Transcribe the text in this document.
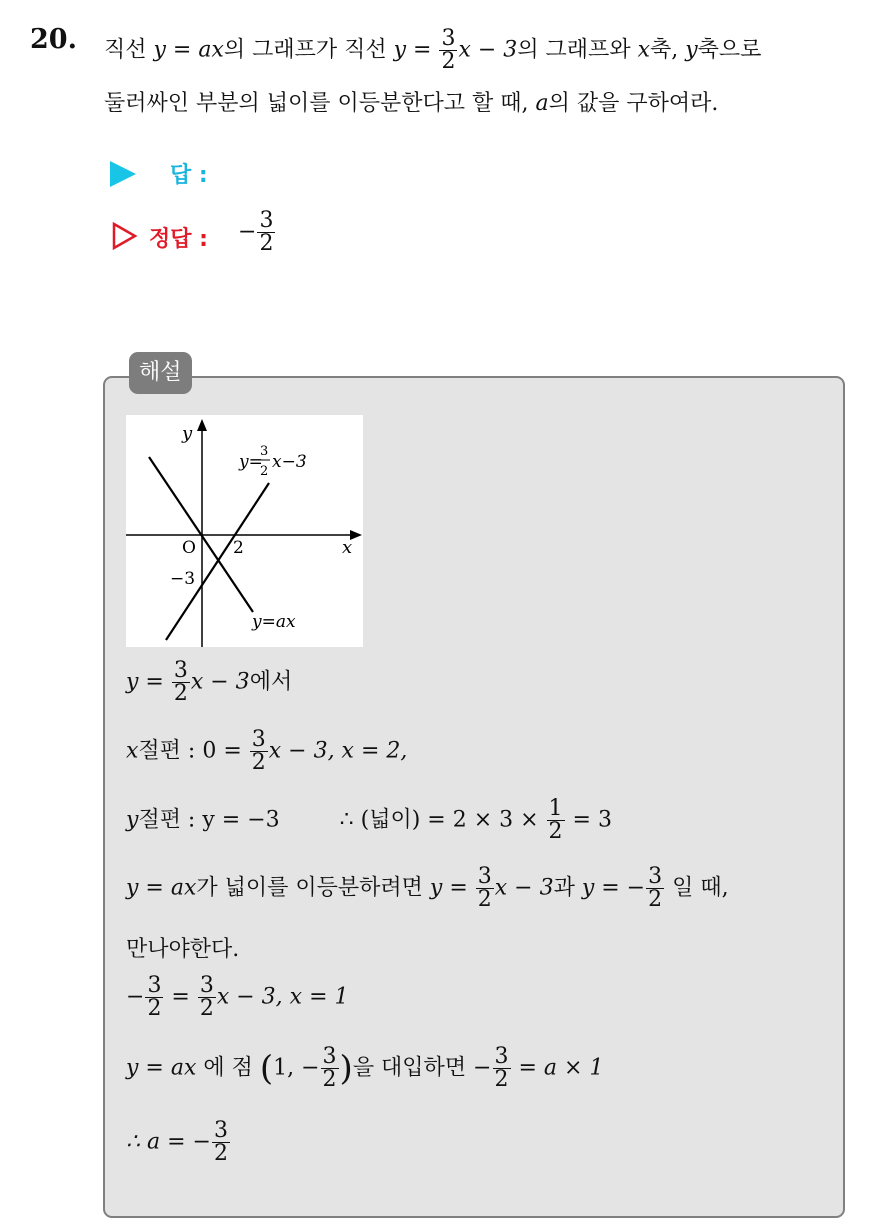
20. 직선 y = ax의 그래프가 직선 $y = \frac{3}{2}$ x − 3의 그래프와 x축, y축으로
둘러싸인 부분의 넓이를 이등분한다고 할 때, a의 값을 구하여라.
답 :
정답 : − $\frac{3}{2}$
해설
y
x
O 2
−3
y=
3
2 x−3
y=ax
$y = \frac{3}{2}$ x − 3에서
x절편 : $0 = \frac{3}{2}$ x − 3, x = 2,
y절편 : y = −3	∴ (넓이) = $2 \times 3 \times \frac{1}{2} = 3$
y = ax가 넓이를 이등분하려면 $y = \frac{3}{2}$ x − 3과 y = − $\frac{3}{2}$ 일 때,
만나야한다.
− $\frac{3}{2} = \frac{3}{2}$ x − 3, x = 1
y = ax 에 점 (1, − $\frac{3}{2}$ )을 대입하면 − $\frac{3}{2} = a \times 1$
∴ a = − $\frac{3}{2}$
